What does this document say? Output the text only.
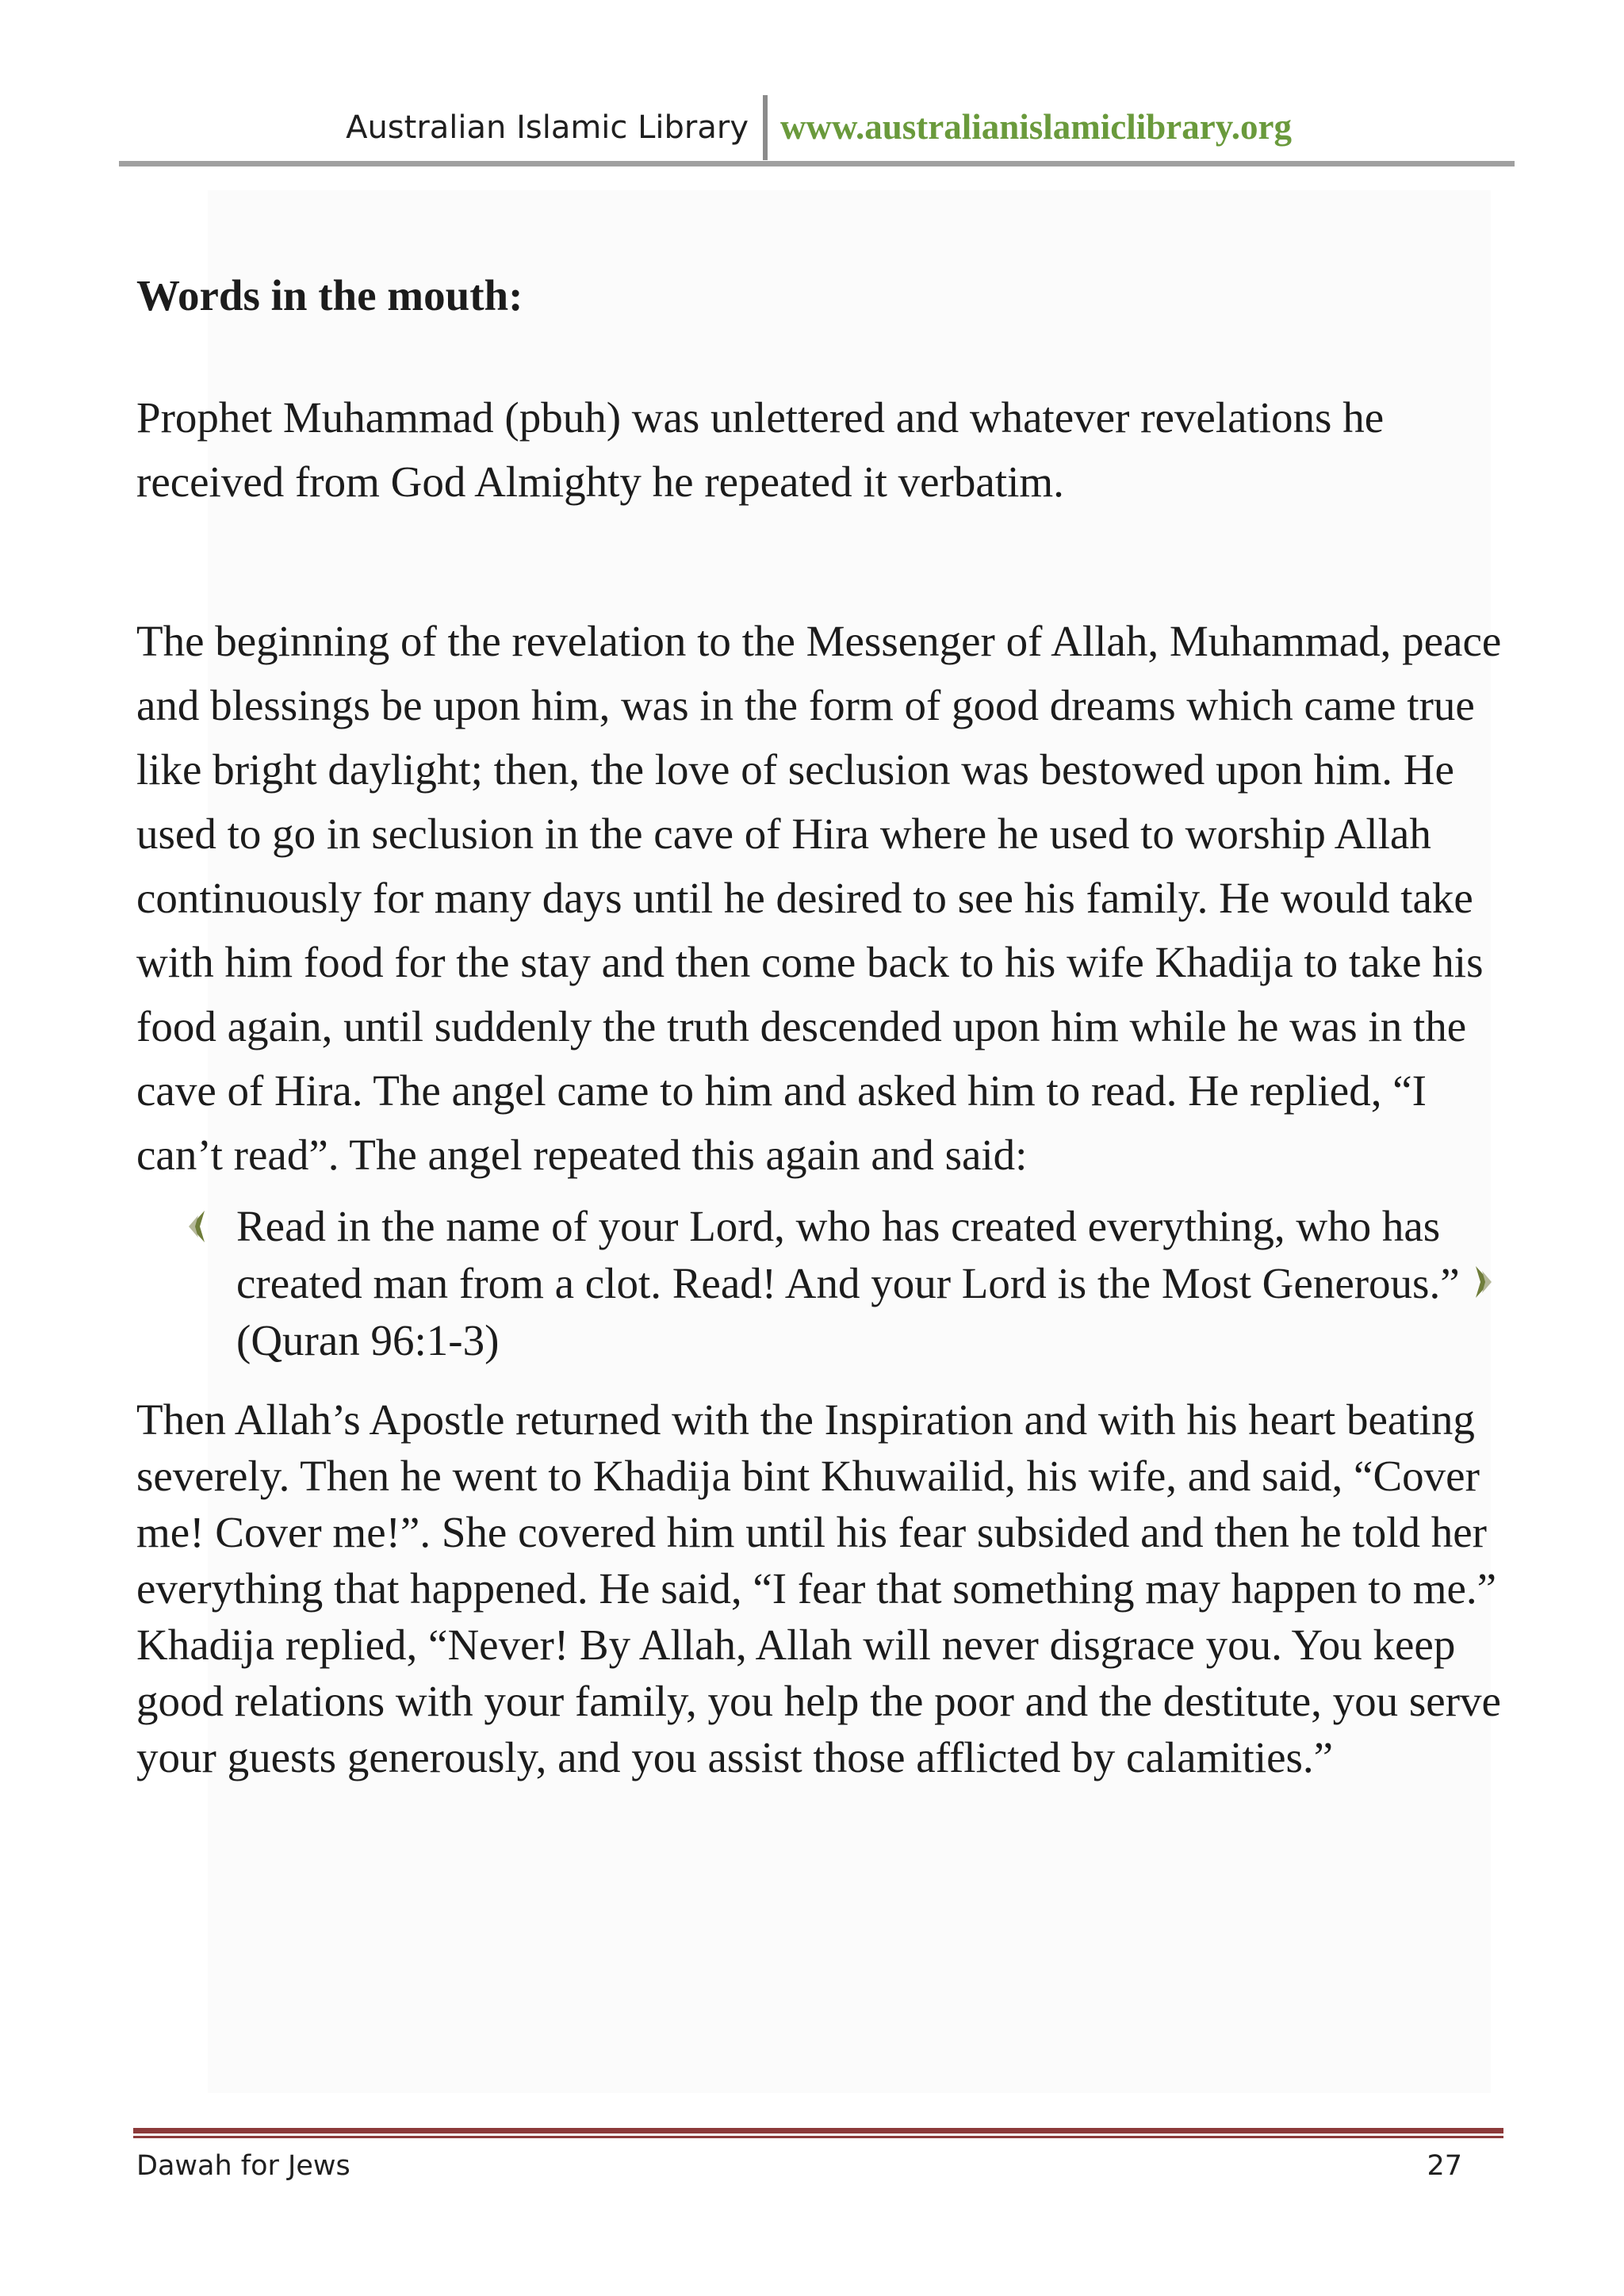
Australian Islamic Library www.australianislamiclibrary.org
Words in the mouth:

Prophet Muhammad (pbuh) was unlettered and whatever revelations he received from God Almighty he repeated it verbatim.

The beginning of the revelation to the Messenger of Allah, Muhammad, peace and blessings be upon him, was in the form of good dreams which came true like bright daylight; then, the love of seclusion was bestowed upon him. He used to go in seclusion in the cave of Hira where he used to worship Allah continuously for many days until he desired to see his family. He would take with him food for the stay and then come back to his wife Khadija to take his food again, until suddenly the truth descended upon him while he was in the cave of Hira. The angel came to him and asked him to read. He replied, “I can’t read”. The angel repeated this again and said:

Read in the name of your Lord, who has created everything, who has created man from a clot. Read! And your Lord is the Most Generous.”(Quran 96:1-3)

Then Allah’s Apostle returned with the Inspiration and with his heart beating severely. Then he went to Khadija bint Khuwailid, his wife, and said, “Cover me! Cover me!”. She covered him until his fear subsided and then he told her everything that happened. He said, “I fear that something may happen to me.” Khadija replied, “Never! By Allah, Allah will never disgrace you. You keep good relations with your family, you help the poor and the destitute, you serve your guests generously, and you assist those afflicted by calamities.”

Dawah for Jews	27
